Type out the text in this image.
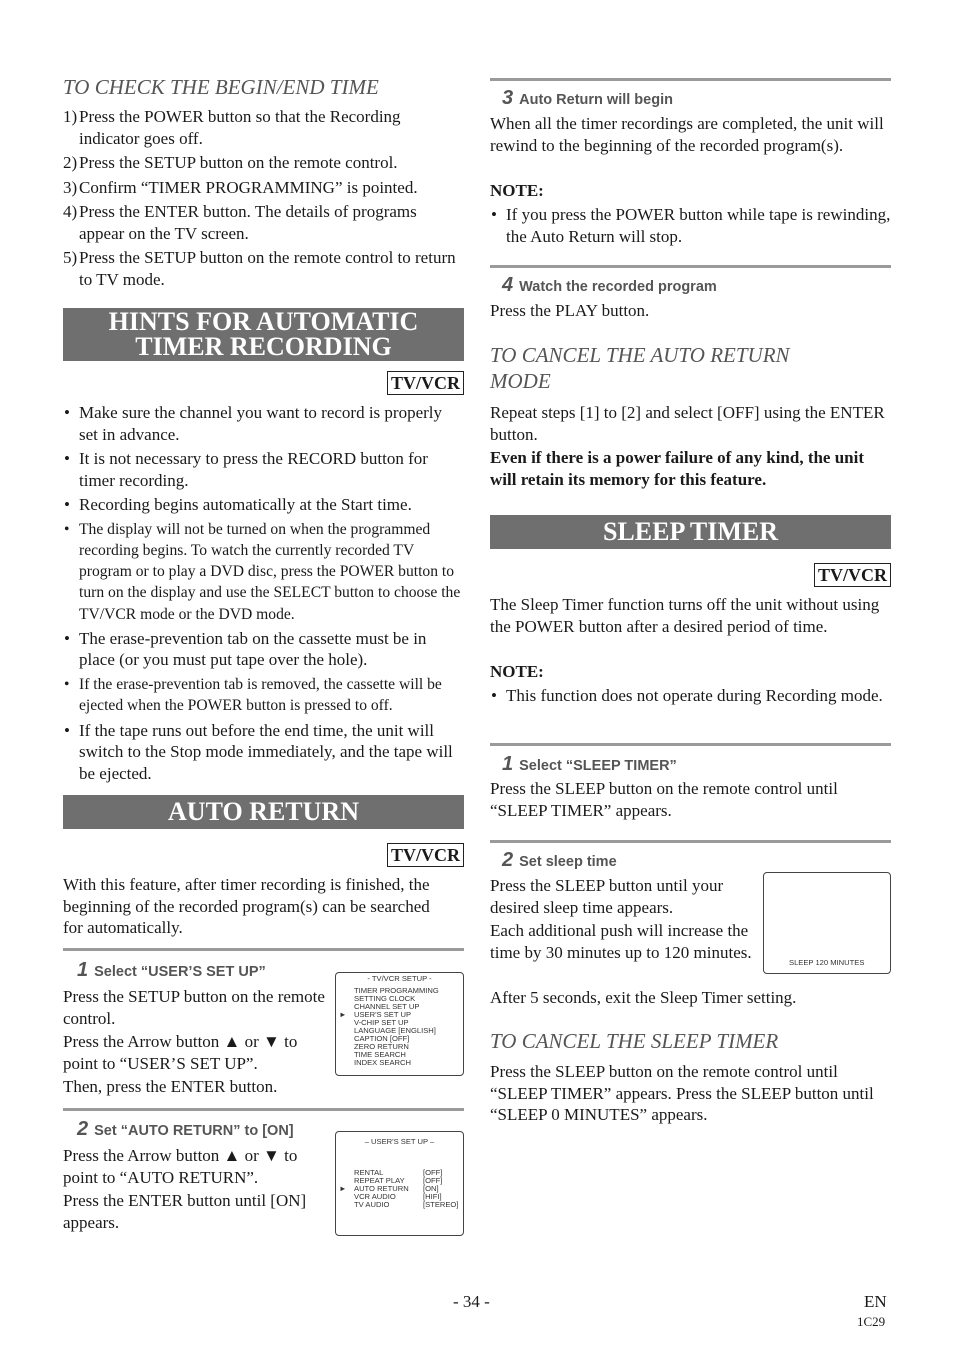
TO CHECK THE BEGIN/END TIME
1) Press the POWER button so that the Recording indicator goes off.
2) Press the SETUP button on the remote control.
3) Confirm “TIMER PROGRAMMING” is pointed.
4) Press the ENTER button. The details of programs appear on the TV screen.
5) Press the SETUP button on the remote control to return to TV mode.
HINTS FOR AUTOMATIC
TIMER RECORDING
TV/VCR
• Make sure the channel you want to record is properly set in advance.
• It is not necessary to press the RECORD button for timer recording.
• Recording begins automatically at the Start time.
• The display will not be turned on when the programmed recording begins. To watch the currently recorded TV program or to play a DVD disc, press the POWER button to turn on the display and use the SELECT button to choose the TV/VCR mode or the DVD mode.
• The erase-prevention tab on the cassette must be in place (or you must put tape over the hole).
• If the erase-prevention tab is removed, the cassette will be ejected when the POWER button is pressed to off.
• If the tape runs out before the end time, the unit will switch to the Stop mode immediately, and the tape will be ejected.
AUTO RETURN
TV/VCR
With this feature, after timer recording is finished, the beginning of the recorded program(s) can be searched for automatically.
1 Select “USER’S SET UP”
Press the SETUP button on the remote control.
Press the Arrow button ▲ or ▼ to point to “USER’S SET UP”.
Then, press the ENTER button.
- TV/VCR SETUP -
►
TIMER PROGRAMMING
SETTING CLOCK
CHANNEL SET UP
USER'S SET UP
V-CHIP SET UP
LANGUAGE [ENGLISH]
CAPTION [OFF]
ZERO RETURN
TIME SEARCH
INDEX SEARCH
2 Set “AUTO RETURN” to [ON]
Press the Arrow button ▲ or ▼ to point to “AUTO RETURN”.
Press the ENTER button until [ON] appears.
– USER'S SET UP –
►
RENTAL
REPEAT PLAY
AUTO RETURN
VCR AUDIO
TV AUDIO
[OFF]
[OFF]
[ON]
[HIFI]
[STEREO]
3 Auto Return will begin
When all the timer recordings are completed, the unit will rewind to the beginning of the recorded program(s).
NOTE:
• If you press the POWER button while tape is rewinding, the Auto Return will stop.
4 Watch the recorded program
Press the PLAY button.
TO CANCEL THE AUTO RETURN
MODE
Repeat steps [1] to [2] and select [OFF] using the ENTER button.
Even if there is a power failure of any kind, the unit will retain its memory for this feature.
SLEEP TIMER
TV/VCR
The Sleep Timer function turns off the unit without using the POWER button after a desired period of time.
NOTE:
• This function does not operate during Recording mode.
1 Select “SLEEP TIMER”
Press the SLEEP button on the remote control until “SLEEP TIMER” appears.
2 Set sleep time
Press the SLEEP button until your desired sleep time appears.
Each additional push will increase the time by 30 minutes up to 120 minutes.
After 5 seconds, exit the Sleep Timer setting.
SLEEP 120 MINUTES
TO CANCEL THE SLEEP TIMER
Press the SLEEP button on the remote control until “SLEEP TIMER” appears. Press the SLEEP button until “SLEEP 0 MINUTES” appears.
- 34 -	EN
1C29
